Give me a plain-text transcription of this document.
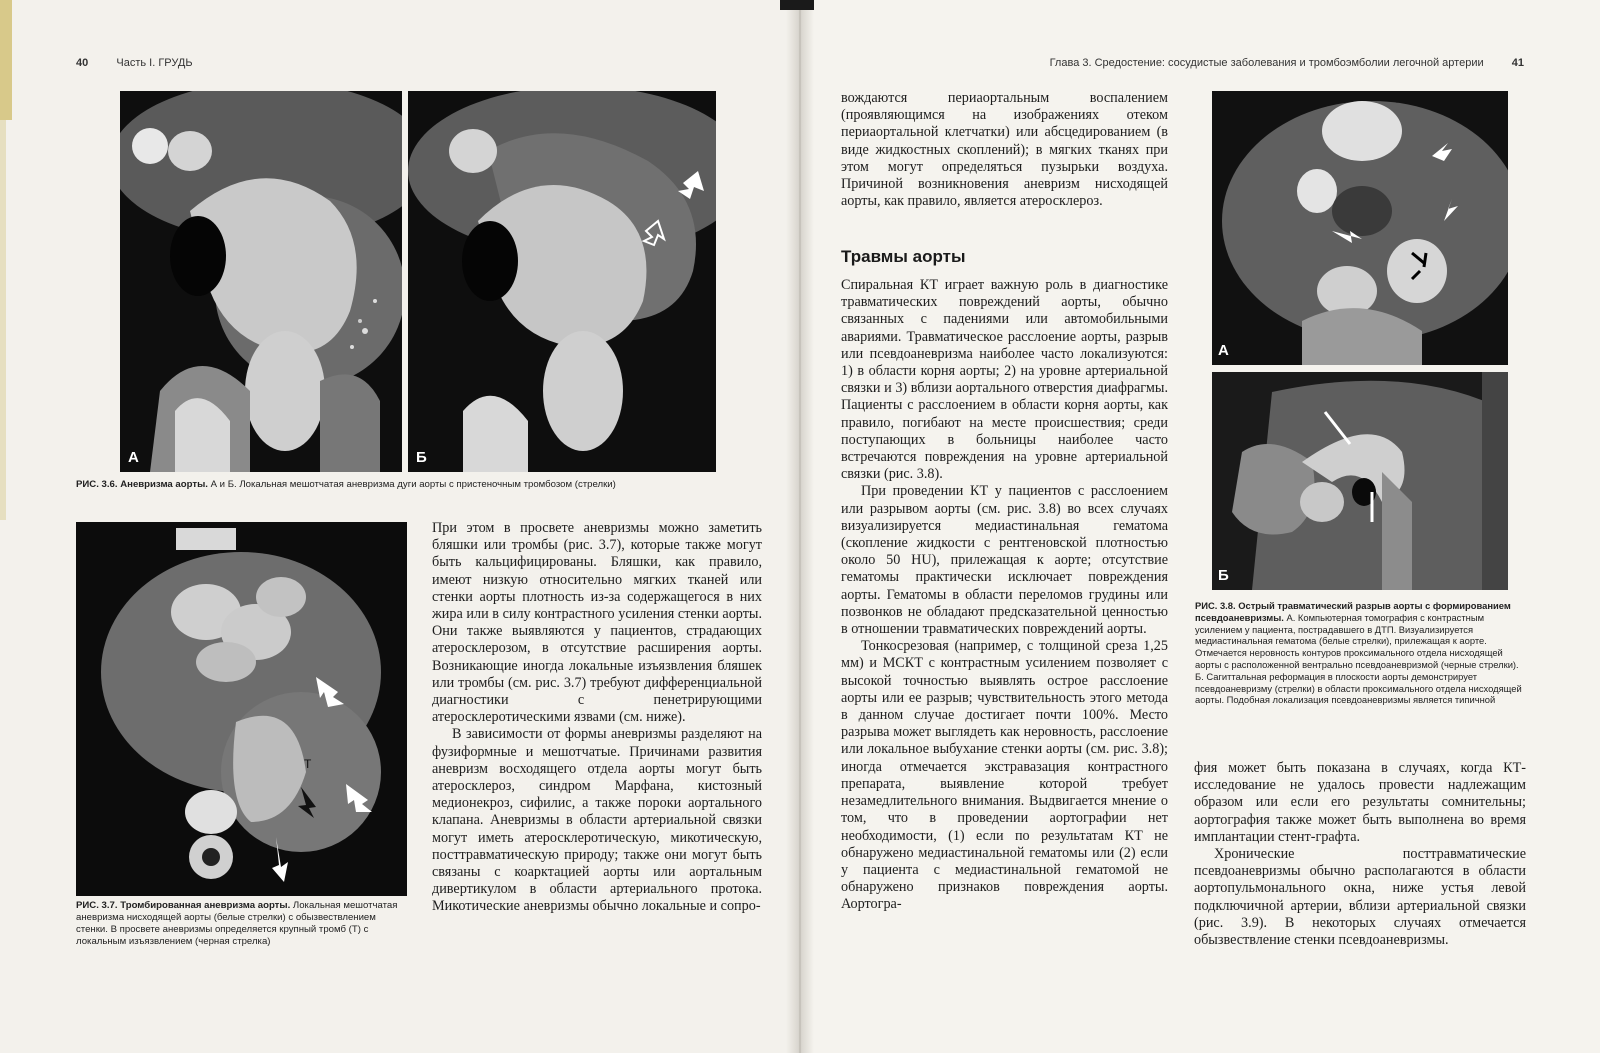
40	Часть I. ГРУДЬ
А	Б
РИС. 3.6. Аневризма аорты. А и Б. Локальная мешотчатая аневризма дуги аорты с пристеночным тромбозом (стрелки)
Т
РИС. 3.7. Тромбированная аневризма аорты. Локальная мешотчатая аневризма нисходящей аорты (белые стрелки) с обызвествлением стенки. В просвете аневризмы определяется крупный тромб (Т) с локальным изъязвлением (черная стрелка)

При этом в просвете аневризмы можно заметить бляшки или тромбы (рис. 3.7), которые также могут быть кальцифицированы. Бляшки, как правило, имеют низкую относительно мягких тканей или стенки аорты плотность из-за содержащегося в них жира или в силу контрастного усиления стенки аорты. Они также выявляются у пациентов, страдающих атеросклерозом, в отсутствие расширения аорты. Возникающие иногда локальные изъязвления бляшек или тромбы (см. рис. 3.7) требуют дифференциальной диагностики с пенетрирующими атеросклеротическими язвами (см. ниже).

В зависимости от формы аневризмы разделяют на фузиформные и мешотчатые. Причинами развития аневризм восходящего отдела аорты могут быть атеросклероз, синдром Марфана, кистозный медионекроз, сифилис, а также пороки аортального клапана. Аневризмы в области артериальной связки могут иметь атеросклеротическую, микотическую, посттравматическую природу; также они могут быть связаны с коарктацией аорты или аортальным дивертикулом в области артериального протока. Микотические аневризмы обычно локальные и сопро-

Глава 3. Средостение: сосудистые заболевания и тромбоэмболии легочной артерии	41

вождаются периаортальным воспалением (проявляющимся на изображениях отеком периаортальной клетчатки) или абсцедированием (в виде жидкостных скоплений); в мягких тканях при этом могут определяться пузырьки воздуха. Причиной возникновения аневризм нисходящей аорты, как правило, является атеросклероз.

Травмы аорты

Спиральная КТ играет важную роль в диагностике травматических повреждений аорты, обычно связанных с падениями или автомобильными авариями. Травматическое расслоение аорты, разрыв или псевдоаневризма наиболее часто локализуются: 1) в области корня аорты; 2) на уровне артериальной связки и 3) вблизи аортального отверстия диафрагмы. Пациенты с расслоением в области корня аорты, как правило, погибают на месте происшествия; среди поступающих в больницы наиболее часто встречаются повреждения на уровне артериальной связки (рис. 3.8).

При проведении КТ у пациентов с расслоением или разрывом аорты (см. рис. 3.8) во всех случаях визуализируется медиастинальная гематома (скопление жидкости с рентгеновской плотностью около 50 HU), прилежащая к аорте; отсутствие гематомы практически исключает повреждения аорты. Гематомы в области переломов грудины или позвонков не обладают предсказательной ценностью в отношении травматических повреждений аорты.

Тонкосрезовая (например, с толщиной среза 1,25 мм) и МСКТ с контрастным усилением позволяет с высокой точностью выявлять острое расслоение аорты или ее разрыв; чувствительность этого метода в данном случае достигает почти 100%. Место разрыва может выглядеть как неровность, расслоение или локальное выбухание стенки аорты (см. рис. 3.8); иногда отмечается экстравазация контрастного препарата, выявление которой требует незамедлительного внимания. Выдвигается мнение о том, что в проведении аортографии нет необходимости, (1) если по результатам КТ не обнаружено медиастинальной гематомы или (2) если у пациента с медиастинальной гематомой не обнаружено признаков повреждения аорты. Аортогра-

А
Б
РИС. 3.8. Острый травматический разрыв аорты с формированием псевдоаневризмы. А. Компьютерная томография с контрастным усилением у пациента, пострадавшего в ДТП. Визуализируется медиастинальная гематома (белые стрелки), прилежащая к аорте. Отмечается неровность контуров проксимального отдела нисходящей аорты с расположенной вентрально псевдоаневризмой (черные стрелки). Б. Сагиттальная реформация в плоскости аорты демонстрирует псевдоаневризму (стрелки) в области проксимального отдела нисходящей аорты. Подобная локализация псевдоаневризмы является типичной

фия может быть показана в случаях, когда КТ-исследование не удалось провести надлежащим образом или если его результаты сомнительны; аортография также может быть выполнена во время имплантации стент-графта.

Хронические посттравматические псевдоаневризмы обычно располагаются в области аортопульмонального окна, ниже устья левой подключичной артерии, вблизи артериальной связки (рис. 3.9). В некоторых случаях отмечается обызвествление стенки псевдоаневризмы.
